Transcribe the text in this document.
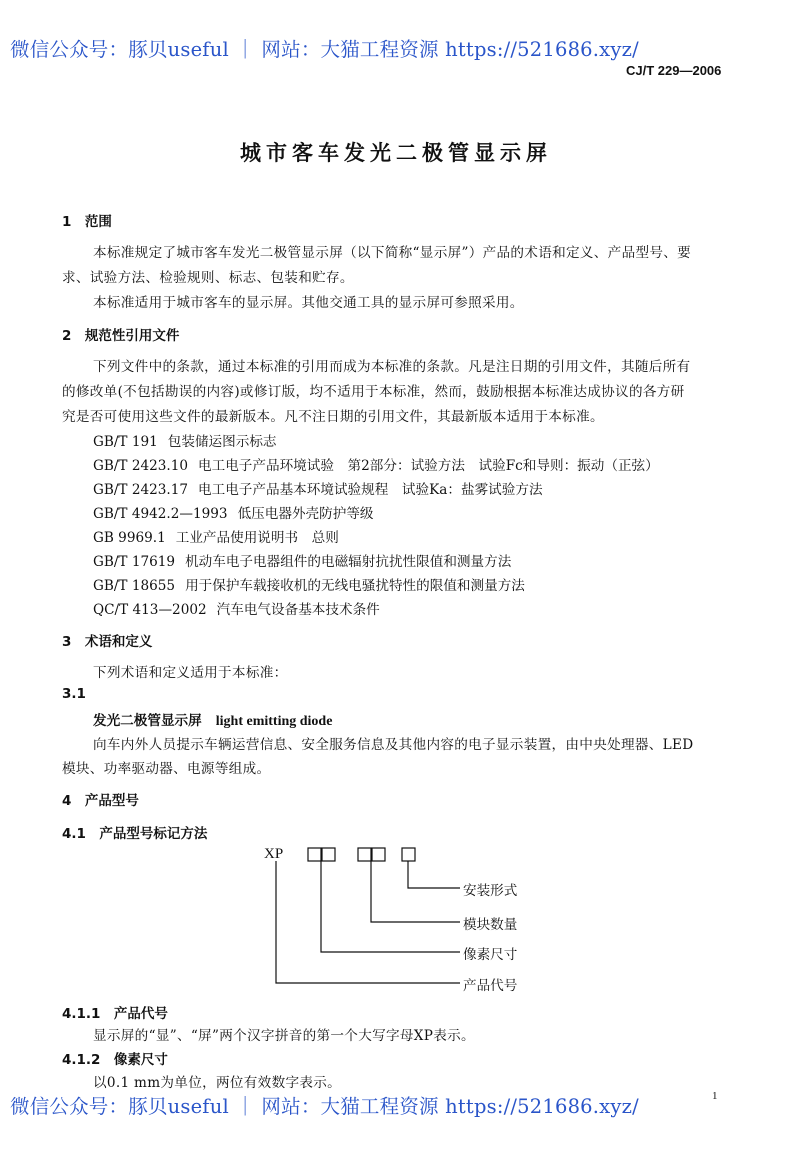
微信公众号：豚贝useful ｜ 网站：大猫工程资源 https://521686.xyz/
微信公众号：豚贝useful ｜ 网站：大猫工程资源 https://521686.xyz/
CJ/T 229—2006
城市客车发光二极管显示屏
1　范围
本标准规定了城市客车发光二极管显示屏（以下简称“显示屏”）产品的术语和定义、产品型号、要
求、试验方法、检验规则、标志、包装和贮存。
本标准适用于城市客车的显示屏。其他交通工具的显示屏可参照采用。
2　规范性引用文件
下列文件中的条款，通过本标准的引用而成为本标准的条款。凡是注日期的引用文件，其随后所有
的修改单(不包括勘误的内容)或修订版，均不适用于本标准，然而，鼓励根据本标准达成协议的各方研
究是否可使用这些文件的最新版本。凡不注日期的引用文件，其最新版本适用于本标准。
GB/T 191 包装储运图示标志
GB/T 2423.10 电工电子产品环境试验　第2部分：试验方法　试验Fc和导则：振动（正弦）
GB/T 2423.17 电工电子产品基本环境试验规程　试验Ka：盐雾试验方法
GB/T 4942.2—1993 低压电器外壳防护等级
GB 9969.1 工业产品使用说明书　总则
GB/T 17619 机动车电子电器组件的电磁辐射抗扰性限值和测量方法
GB/T 18655 用于保护车载接收机的无线电骚扰特性的限值和测量方法
QC/T 413—2002 汽车电气设备基本技术条件
3　术语和定义
下列术语和定义适用于本标准：
3.1
发光二极管显示屏 light emitting diode
向车内外人员提示车辆运营信息、安全服务信息及其他内容的电子显示装置，由中央处理器、LED
模块、功率驱动器、电源等组成。
4　产品型号
4.1　产品型号标记方法
XP
安装形式
模块数量
像素尺寸
产品代号
4.1.1　产品代号
显示屏的“显”、“屏”两个汉字拼音的第一个大写字母XP表示。
4.1.2　像素尺寸
以0.1 mm为单位，两位有效数字表示。
1
